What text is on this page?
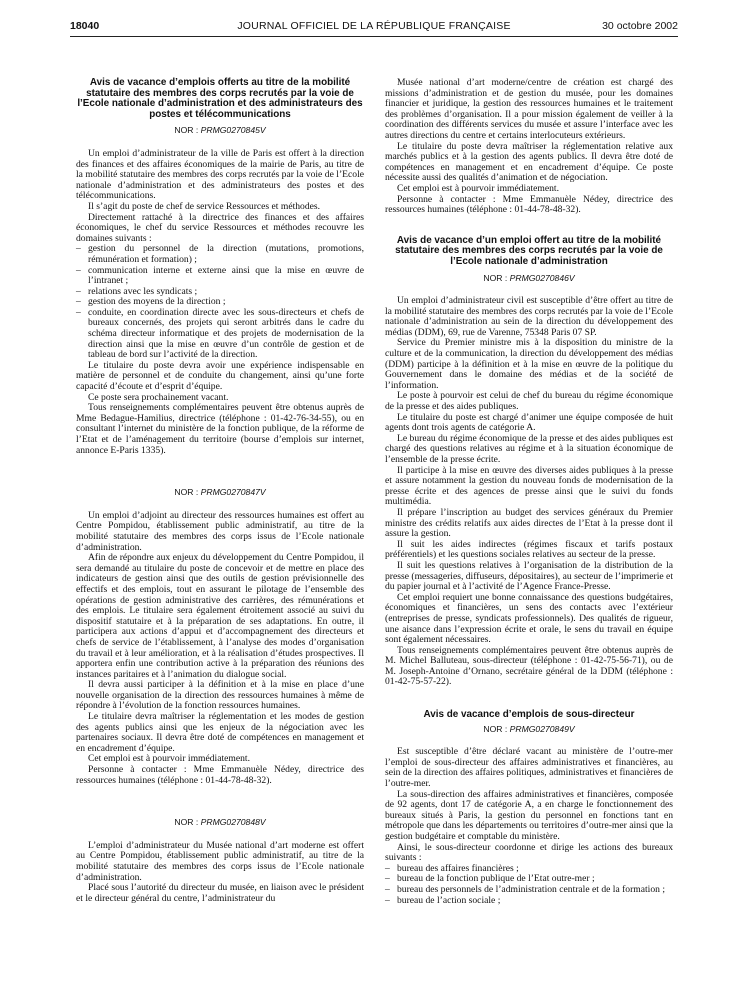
18040	JOURNAL OFFICIEL DE LA RÉPUBLIQUE FRANÇAISE	30 octobre 2002
Avis de vacance d’emplois offerts au titre de la mobilité statutaire des membres des corps recrutés par la voie de l’Ecole nationale d’administration et des administrateurs des postes et télécommunications
NOR : PRMG0270845V

Un emploi d’administrateur de la ville de Paris est offert à la direction des finances et des affaires économiques de la mairie de Paris, au titre de la mobilité statutaire des membres des corps recrutés par la voie de l’Ecole nationale d’administration et des administrateurs des postes et des télécommunications.

Il s’agit du poste de chef de service Ressources et méthodes.

Directement rattaché à la directrice des finances et des affaires économiques, le chef du service Ressources et méthodes recouvre les domaines suivants :

– gestion du personnel de la direction (mutations, promotions, rémunération et formation) ;
– communication interne et externe ainsi que la mise en œuvre de l’intranet ;
– relations avec les syndicats ;
– gestion des moyens de la direction ;
– conduite, en coordination directe avec les sous-directeurs et chefs de bureaux concernés, des projets qui seront arbitrés dans le cadre du schéma directeur informatique et des projets de modernisation de la direction ainsi que la mise en œuvre d’un contrôle de gestion et de tableau de bord sur l’activité de la direction.

Le titulaire du poste devra avoir une expérience indispensable en matière de personnel et de conduite du changement, ainsi qu’une forte capacité d’écoute et d’esprit d’équipe.

Ce poste sera prochainement vacant.

Tous renseignements complémentaires peuvent être obtenus auprès de Mme Bedague-Hamilius, directrice (téléphone : 01-42-76-34-55), ou en consultant l’internet du ministère de la fonction publique, de la réforme de l’Etat et de l’aménagement du territoire (bourse d’emplois sur internet, annonce E-Paris 1335).

NOR : PRMG0270847V

Un emploi d’adjoint au directeur des ressources humaines est offert au Centre Pompidou, établissement public administratif, au titre de la mobilité statutaire des membres des corps issus de l’Ecole nationale d’administration.

Afin de répondre aux enjeux du développement du Centre Pompidou, il sera demandé au titulaire du poste de concevoir et de mettre en place des indicateurs de gestion ainsi que des outils de gestion prévisionnelle des effectifs et des emplois, tout en assurant le pilotage de l’ensemble des opérations de gestion administrative des carrières, des rémunérations et des emplois. Le titulaire sera également étroitement associé au suivi du dispositif statutaire et à la préparation de ses adaptations. En outre, il participera aux actions d’appui et d’accompagnement des directeurs et chefs de service de l’établissement, à l’analyse des modes d’organisation du travail et à leur amélioration, et à la réalisation d’études prospectives. Il apportera enfin une contribution active à la préparation des réunions des instances paritaires et à l’animation du dialogue social.

Il devra aussi participer à la définition et à la mise en place d’une nouvelle organisation de la direction des ressources humaines à même de répondre à l’évolution de la fonction ressources humaines.

Le titulaire devra maîtriser la réglementation et les modes de gestion des agents publics ainsi que les enjeux de la négociation avec les partenaires sociaux. Il devra être doté de compétences en management et en encadrement d’équipe.

Cet emploi est à pourvoir immédiatement.

Personne à contacter : Mme Emmanuèle Nédey, directrice des ressources humaines (téléphone : 01-44-78-48-32).

NOR : PRMG0270848V

L’emploi d’administrateur du Musée national d’art moderne est offert au Centre Pompidou, établissement public administratif, au titre de la mobilité statutaire des membres des corps issus de l’Ecole nationale d’administration.

Placé sous l’autorité du directeur du musée, en liaison avec le président et le directeur général du centre, l’administrateur du

Musée national d’art moderne/centre de création est chargé des missions d’administration et de gestion du musée, pour les domaines financier et juridique, la gestion des ressources humaines et le traitement des problèmes d’organisation. Il a pour mission également de veiller à la coordination des différents services du musée et assure l’interface avec les autres directions du centre et certains interlocuteurs extérieurs.

Le titulaire du poste devra maîtriser la réglementation relative aux marchés publics et à la gestion des agents publics. Il devra être doté de compétences en management et en encadrement d’équipe. Ce poste nécessite aussi des qualités d’animation et de négociation.

Cet emploi est à pourvoir immédiatement.

Personne à contacter : Mme Emmanuèle Nédey, directrice des ressources humaines (téléphone : 01-44-78-48-32).

Avis de vacance d’un emploi offert au titre de la mobilité statutaire des membres des corps recrutés par la voie de l’Ecole nationale d’administration
NOR : PRMG0270846V

Un emploi d’administrateur civil est susceptible d’être offert au titre de la mobilité statutaire des membres des corps recrutés par la voie de l’Ecole nationale d’administration au sein de la direction du développement des médias (DDM), 69, rue de Varenne, 75348 Paris 07 SP.

Service du Premier ministre mis à la disposition du ministre de la culture et de la communication, la direction du développement des médias (DDM) participe à la définition et à la mise en œuvre de la politique du Gouvernement dans le domaine des médias et de la société de l’information.

Le poste à pourvoir est celui de chef du bureau du régime économique de la presse et des aides publiques.

Le titulaire du poste est chargé d’animer une équipe composée de huit agents dont trois agents de catégorie A.

Le bureau du régime économique de la presse et des aides publiques est chargé des questions relatives au régime et à la situation économique de l’ensemble de la presse écrite.

Il participe à la mise en œuvre des diverses aides publiques à la presse et assure notamment la gestion du nouveau fonds de modernisation de la presse écrite et des agences de presse ainsi que le suivi du fonds multimédia.

Il prépare l’inscription au budget des services généraux du Premier ministre des crédits relatifs aux aides directes de l’Etat à la presse dont il assure la gestion.

Il suit les aides indirectes (régimes fiscaux et tarifs postaux préférentiels) et les questions sociales relatives au secteur de la presse.

Il suit les questions relatives à l’organisation de la distribution de la presse (messageries, diffuseurs, dépositaires), au secteur de l’imprimerie et du papier journal et à l’activité de l’Agence France-Presse.

Cet emploi requiert une bonne connaissance des questions budgétaires, économiques et financières, un sens des contacts avec l’extérieur (entreprises de presse, syndicats professionnels). Des qualités de rigueur, une aisance dans l’expression écrite et orale, le sens du travail en équipe sont également nécessaires.

Tous renseignements complémentaires peuvent être obtenus auprès de M. Michel Balluteau, sous-directeur (téléphone : 01-42-75-56-71), ou de M. Joseph-Antoine d’Ornano, secrétaire général de la DDM (téléphone : 01-42-75-57-22).

Avis de vacance d’emplois de sous-directeur
NOR : PRMG0270849V

Est susceptible d’être déclaré vacant au ministère de l’outre-mer l’emploi de sous-directeur des affaires administratives et financières, au sein de la direction des affaires politiques, administratives et financières de l’outre-mer.

La sous-direction des affaires administratives et financières, composée de 92 agents, dont 17 de catégorie A, a en charge le fonctionnement des bureaux situés à Paris, la gestion du personnel en fonctions tant en métropole que dans les départements ou territoires d’outre-mer ainsi que la gestion budgétaire et comptable du ministère.

Ainsi, le sous-directeur coordonne et dirige les actions des bureaux suivants :

– bureau des affaires financières ;
– bureau de la fonction publique de l’Etat outre-mer ;
– bureau des personnels de l’administration centrale et de la formation ;
– bureau de l’action sociale ;
